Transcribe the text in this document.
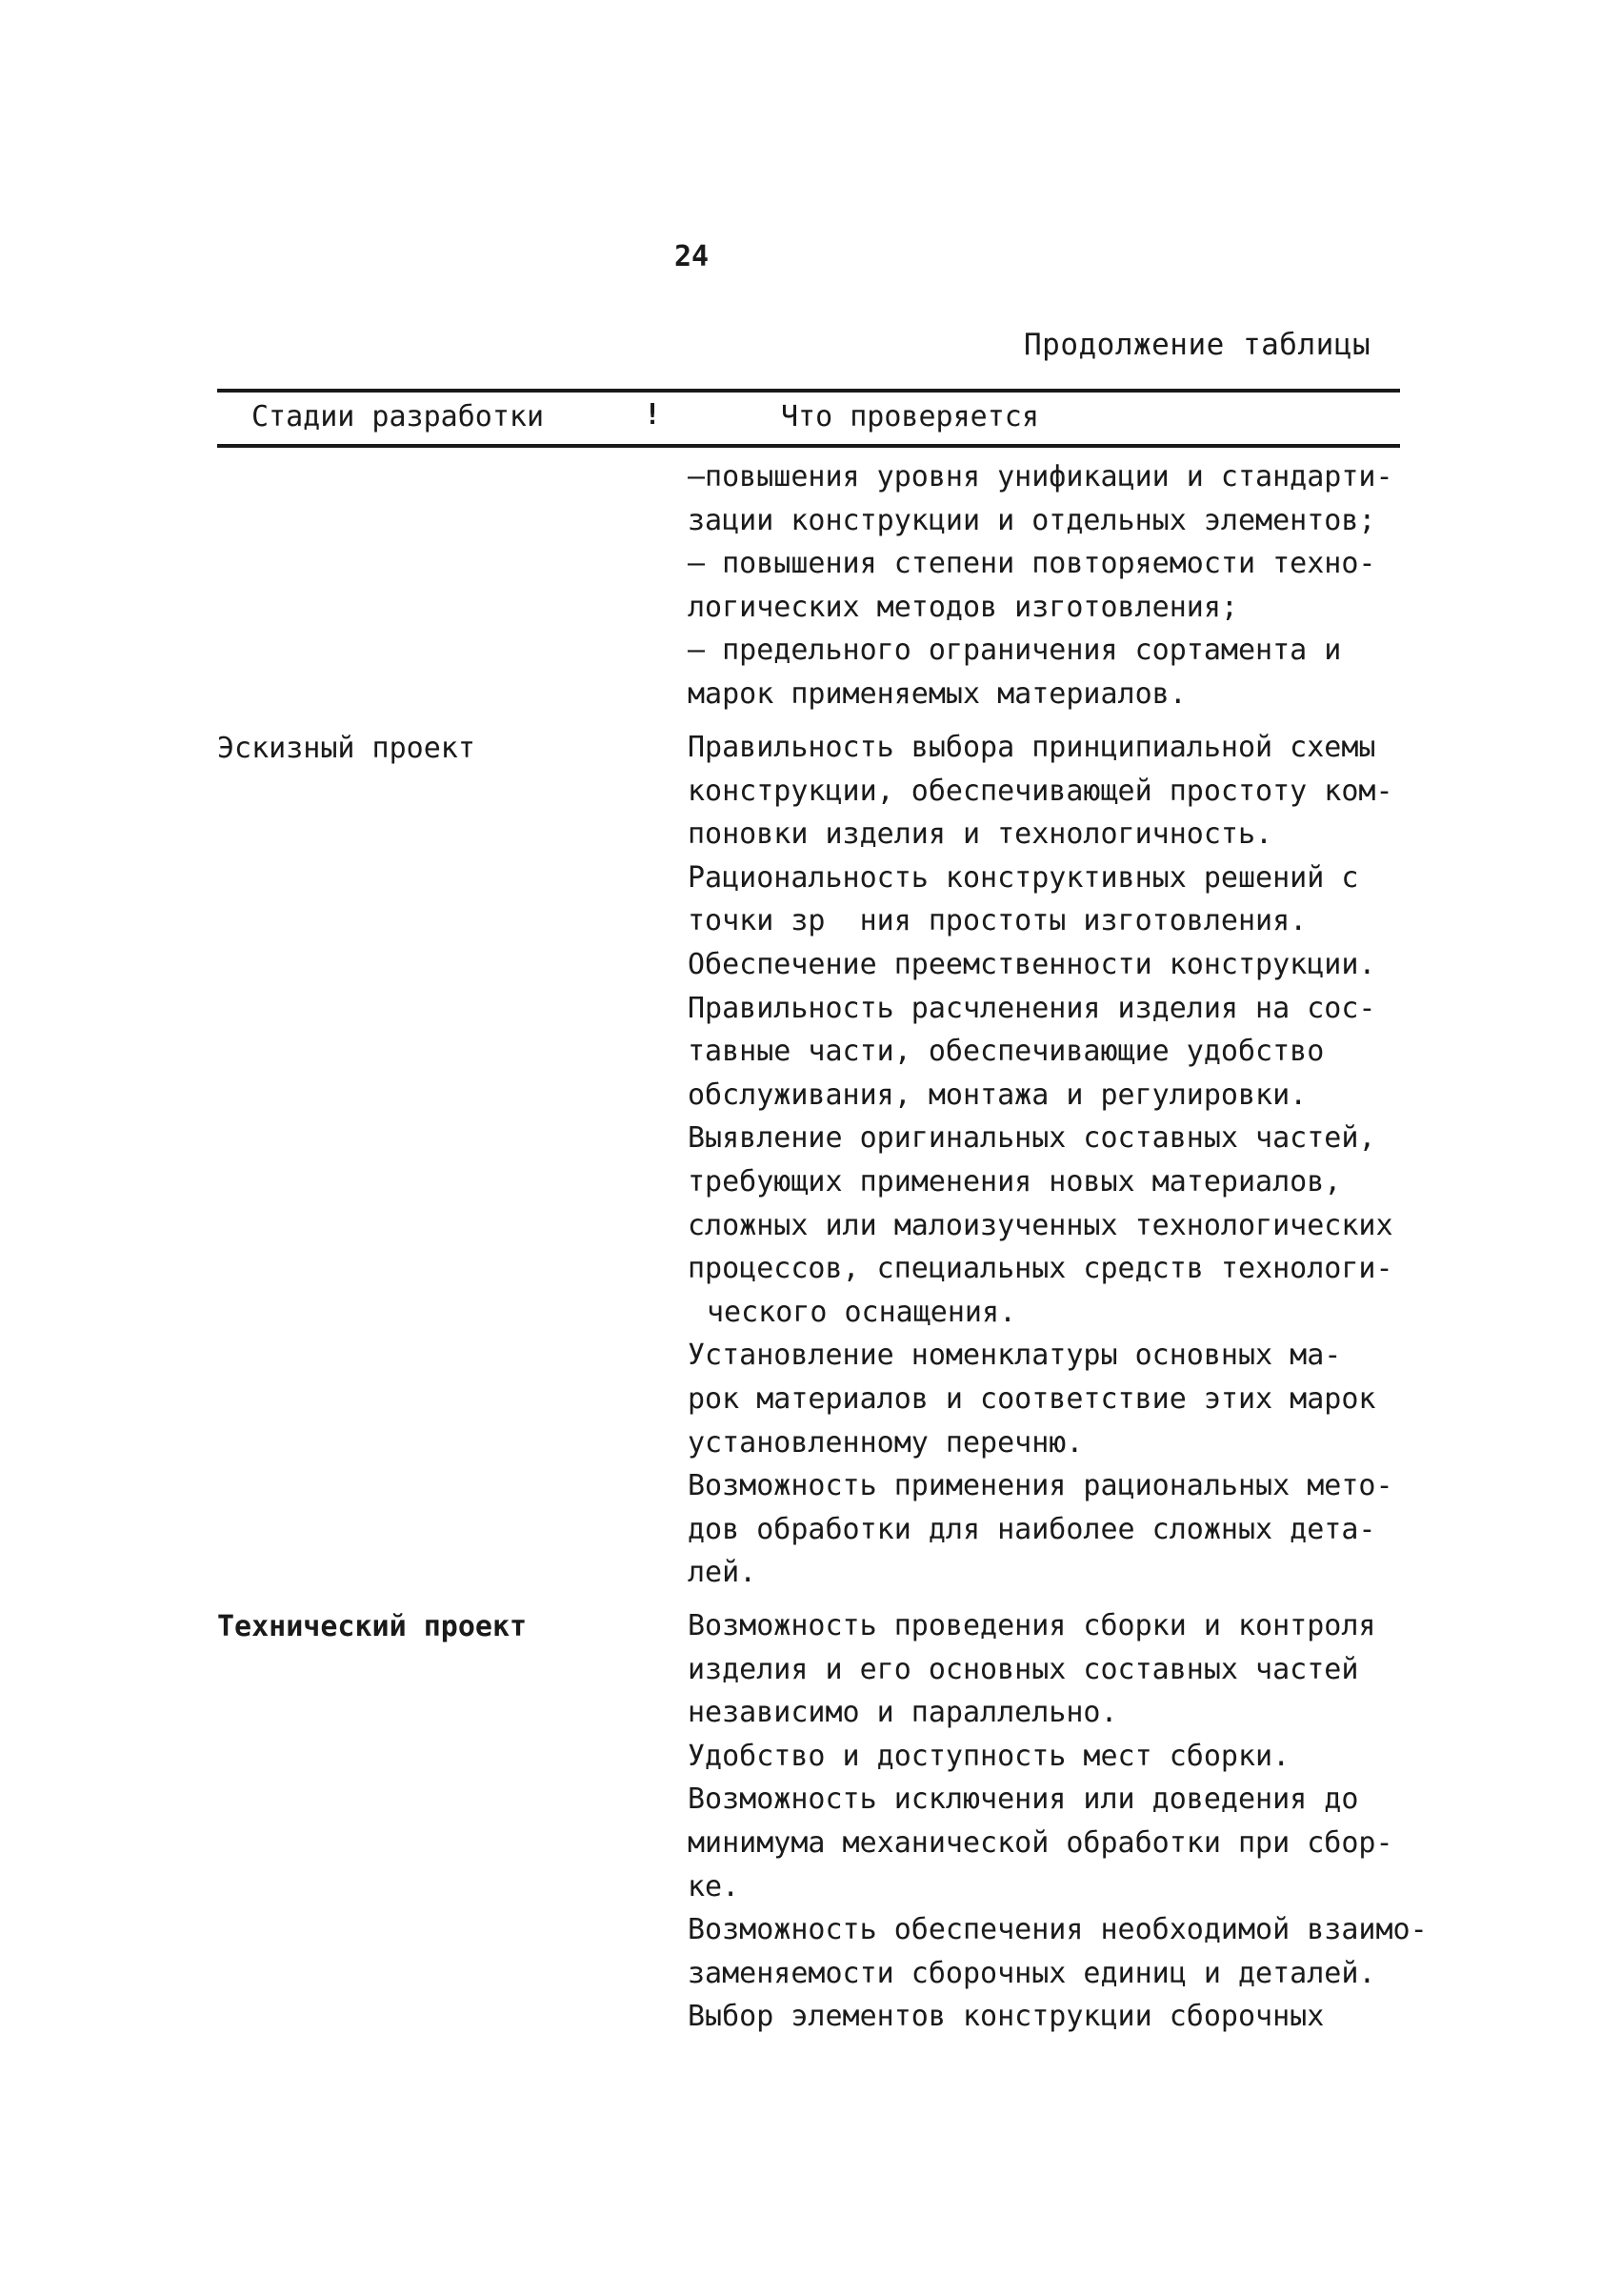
24
Продолжение таблицы
Стадии разработки	!	Что проверяется
–повышения уровня унификации и стандарти-
зации конструкции и отдельных элементов;
— повышения степени повторяемости техно-
логических методов изготовления;
— предельного ограничения сортамента и
марок применяемых материалов.
Эскизный проект	Правильность выбора принципиальной схемы
конструкции, обеспечивающей простоту ком-
поновки изделия и технологичность.
Рациональность конструктивных решений с
точки зр  ния простоты изготовления.
Обеспечение преемственности конструкции.
Правильность расчленения изделия на сос-
тавные части, обеспечивающие удобство
обслуживания, монтажа и регулировки.
Выявление оригинальных составных частей,
требующих применения новых материалов,
сложных или малоизученных технологических
процессов, специальных средств технологи-
ческого оснащения.
Установление номенклатуры основных ма-
рок материалов и соответствие этих марок
установленному перечню.
Возможность применения рациональных мето-
дов обработки для наиболее сложных дета-
лей.
Технический проект	Возможность проведения сборки и контроля
изделия и его основных составных частей
независимо и параллельно.
Удобство и доступность мест сборки.
Возможность исключения или доведения до
минимума механической обработки при сбор-
ке.
Возможность обеспечения необходимой взаимо-
заменяемости сборочных единиц и деталей.
Выбор элементов конструкции сборочных
